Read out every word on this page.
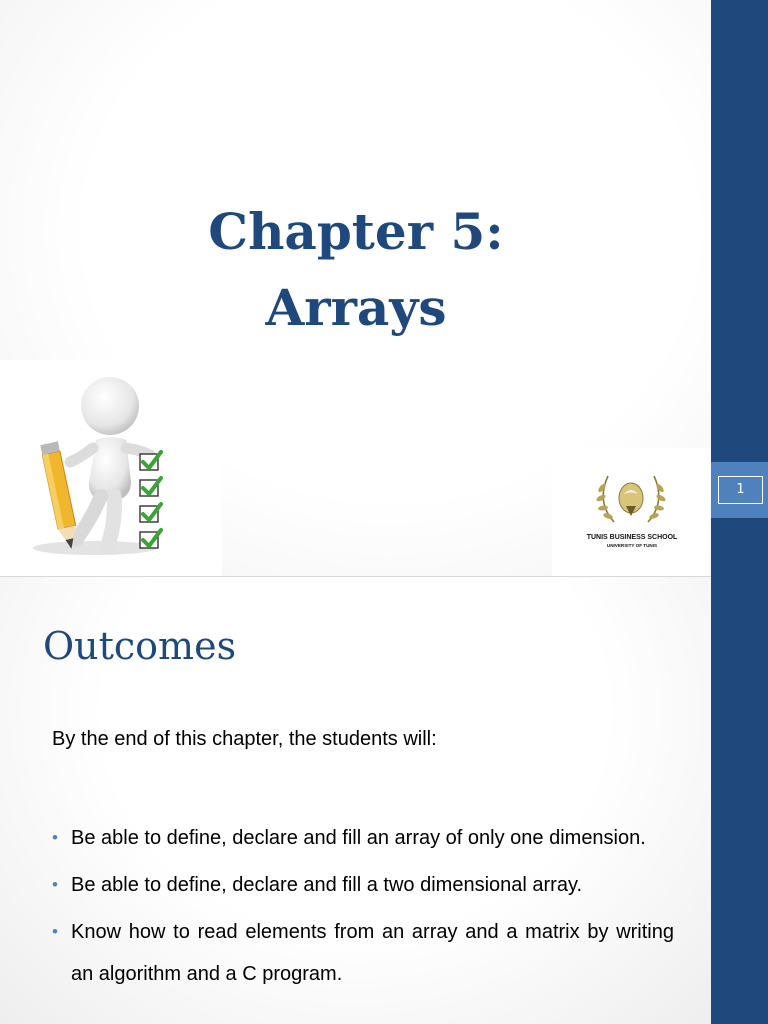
1
Chapter 5:
Arrays
TUNIS BUSINESS SCHOOL
UNIVERSITY OF TUNIS
Outcomes

By the end of this chapter, the students will:

• Be able to define, declare and fill an array of only one dimension.
• Be able to define, declare and fill a two dimensional array.
• Know how to read elements from an array and a matrix by writing an algorithm and a C program.
